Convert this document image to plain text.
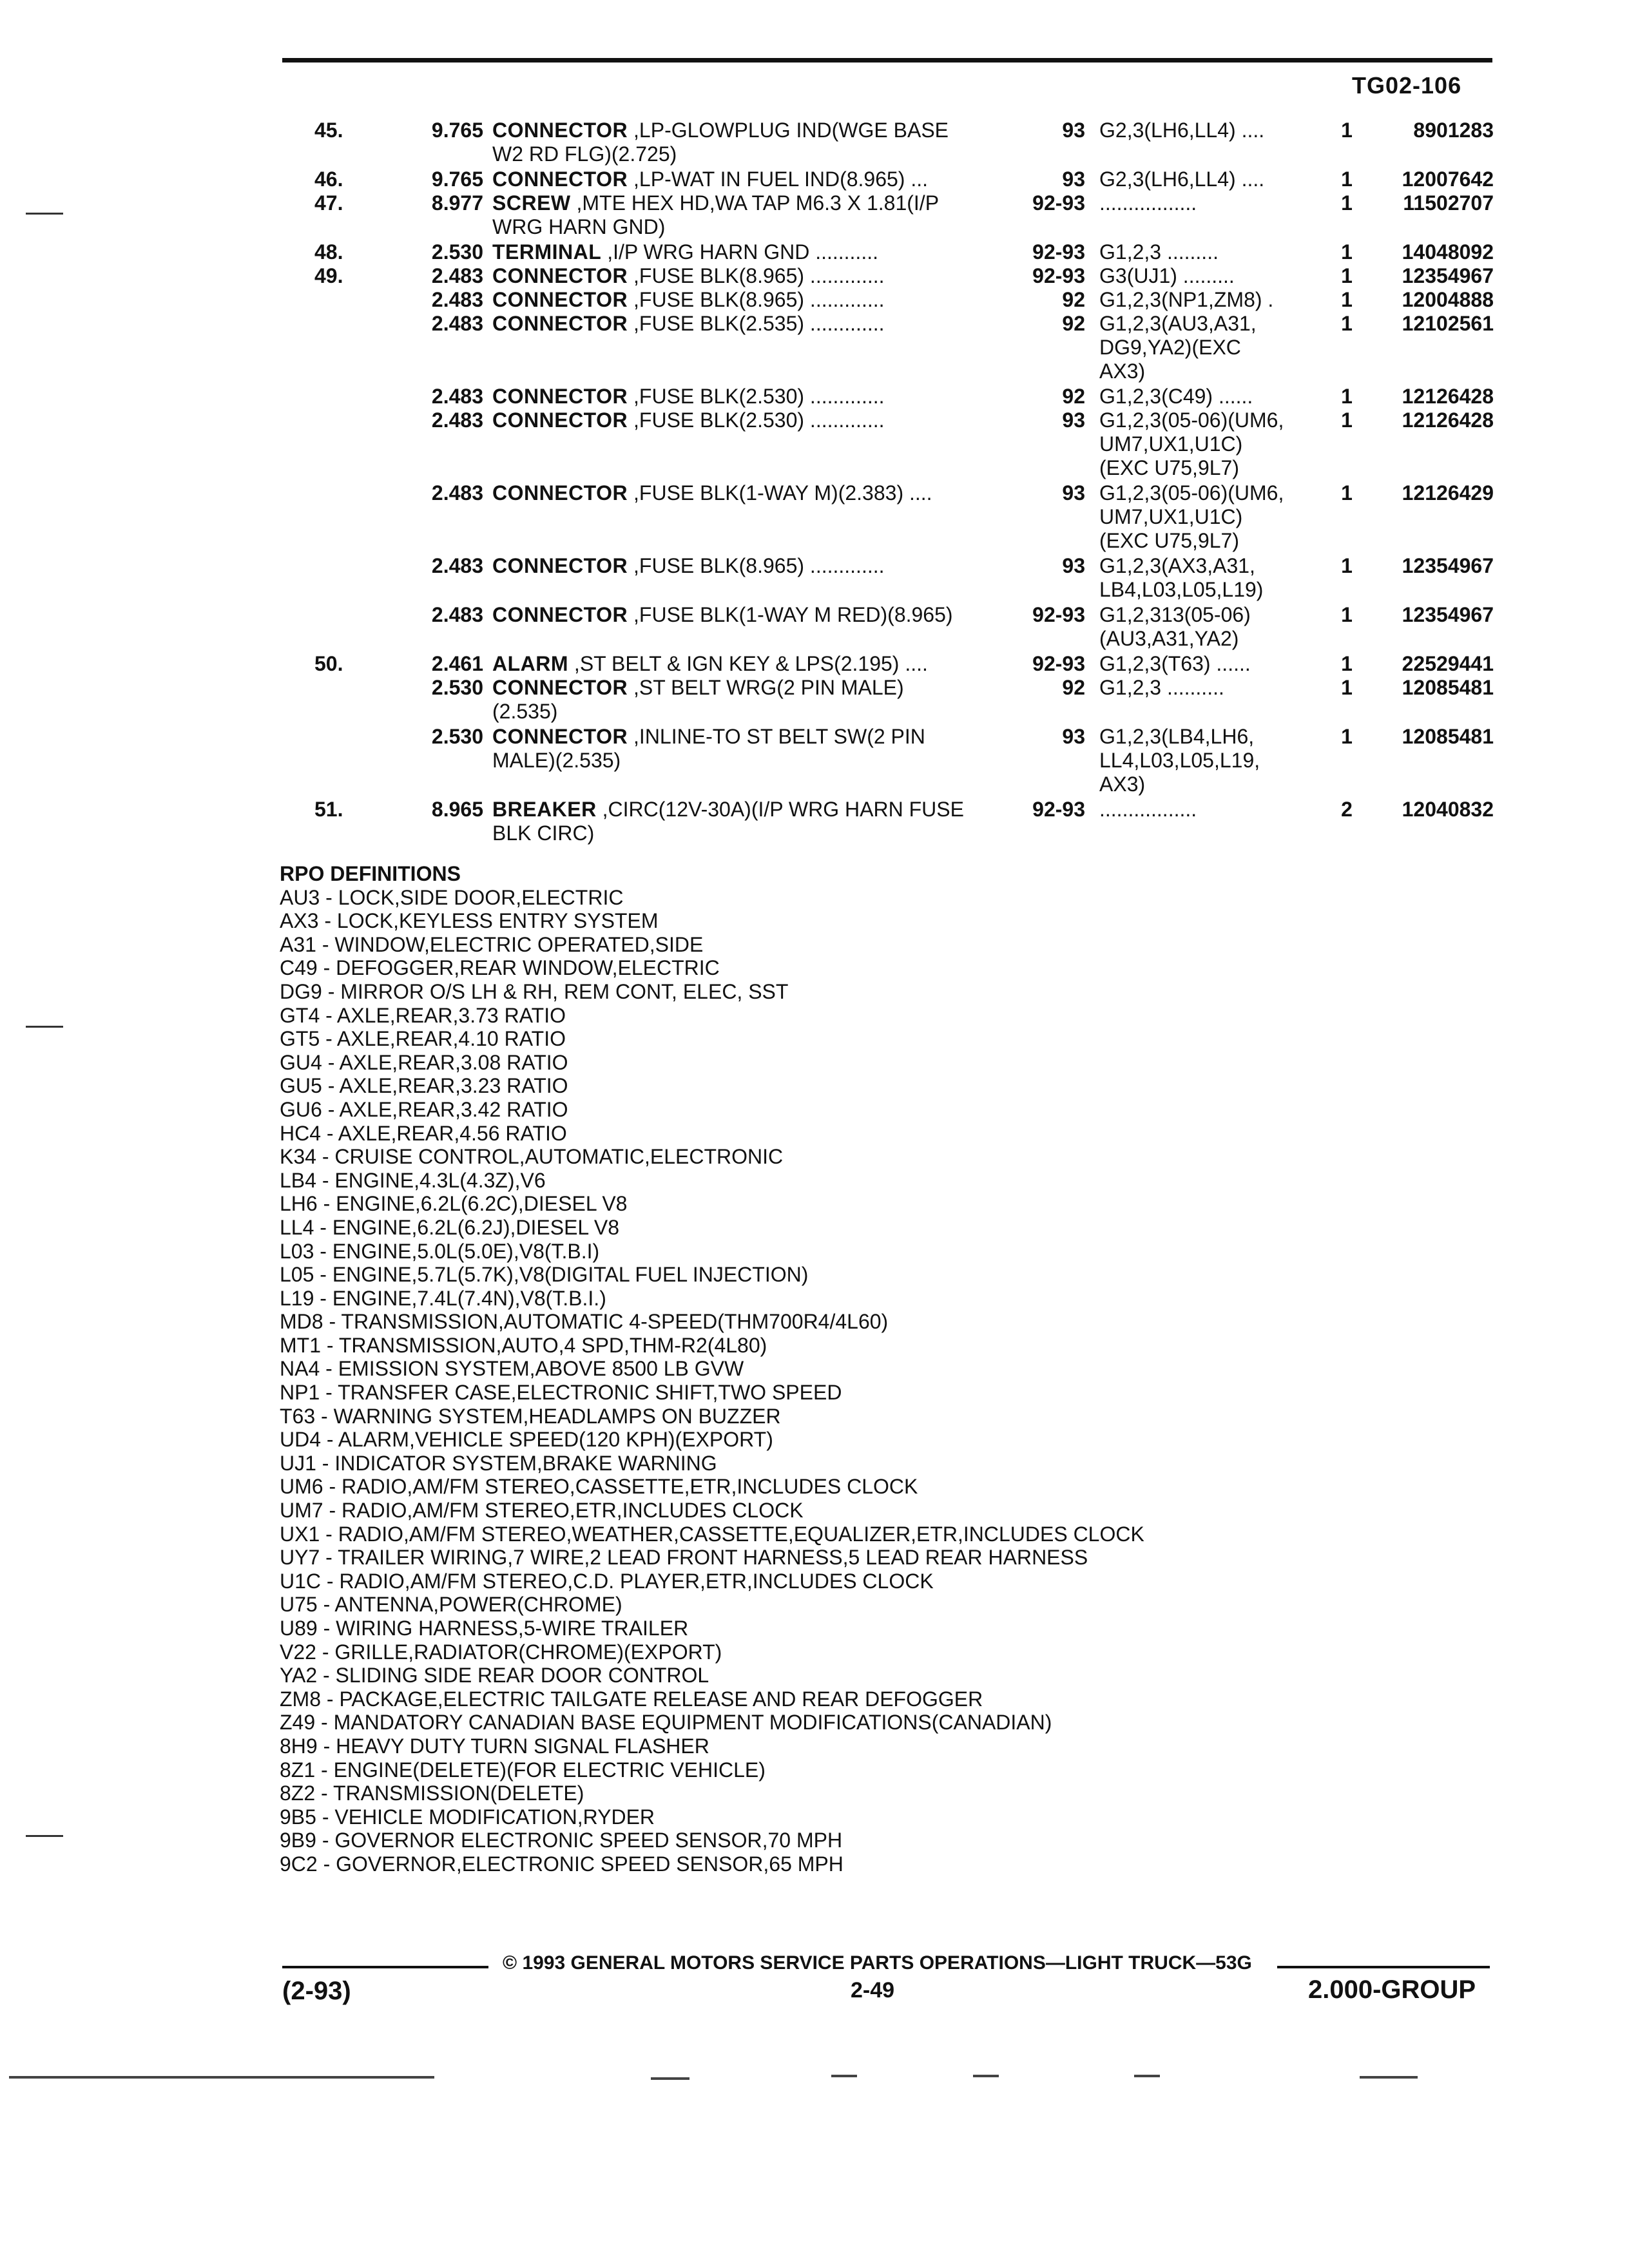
TG02-106
45.	9.765 CONNECTOR ,LP-GLOWPLUG IND(WGE BASE
W2 RD FLG)(2.725)
93 G2,3(LH6,LL4) ....	1	8901283
46.	9.765 CONNECTOR ,LP-WAT IN FUEL IND(8.965) ...	93 G2,3(LH6,LL4) ....	1	12007642
47.	8.977 SCREW ,MTE HEX HD,WA TAP M6.3 X 1.81(I/P
WRG HARN GND)
92-93 .................	1	11502707
48.	2.530 TERMINAL ,I/P WRG HARN GND ...........	92-93 G1,2,3 .........	1	14048092
49.	2.483 CONNECTOR ,FUSE BLK(8.965) .............	92-93 G3(UJ1) .........	1	12354967
2.483 CONNECTOR ,FUSE BLK(8.965) .............	92 G1,2,3(NP1,ZM8) .	1	12004888
2.483 CONNECTOR ,FUSE BLK(2.535) .............	92 G1,2,3(AU3,A31,
DG9,YA2)(EXC
AX3)
1	12102561
2.483 CONNECTOR ,FUSE BLK(2.530) .............	92 G1,2,3(C49) ......	1	12126428
2.483 CONNECTOR ,FUSE BLK(2.530) .............	93 G1,2,3(05-06)(UM6,
UM7,UX1,U1C)
(EXC U75,9L7)
1	12126428
2.483 CONNECTOR ,FUSE BLK(1-WAY M)(2.383) ....	93 G1,2,3(05-06)(UM6,
UM7,UX1,U1C)
(EXC U75,9L7)
1	12126429
2.483 CONNECTOR ,FUSE BLK(8.965) .............	93 G1,2,3(AX3,A31,
LB4,L03,L05,L19)
1	12354967
2.483 CONNECTOR ,FUSE BLK(1-WAY M RED)(8.965)	92-93 G1,2,313(05-06)
(AU3,A31,YA2)
1	12354967
50.	2.461 ALARM ,ST BELT & IGN KEY & LPS(2.195) ....	92-93 G1,2,3(T63) ......	1	22529441
2.530 CONNECTOR ,ST BELT WRG(2 PIN MALE)
(2.535)
92 G1,2,3 ..........	1	12085481
2.530 CONNECTOR ,INLINE-TO ST BELT SW(2 PIN
MALE)(2.535)
93 G1,2,3(LB4,LH6,
LL4,L03,L05,L19,
AX3)
1	12085481
51.	8.965 BREAKER ,CIRC(12V-30A)(I/P WRG HARN FUSE
BLK CIRC)
92-93 .................	2	12040832
RPO DEFINITIONS
AU3 - LOCK,SIDE DOOR,ELECTRIC
AX3 - LOCK,KEYLESS ENTRY SYSTEM
A31 - WINDOW,ELECTRIC OPERATED,SIDE
C49 - DEFOGGER,REAR WINDOW,ELECTRIC
DG9 - MIRROR O/S LH & RH, REM CONT, ELEC, SST
GT4 - AXLE,REAR,3.73 RATIO
GT5 - AXLE,REAR,4.10 RATIO
GU4 - AXLE,REAR,3.08 RATIO
GU5 - AXLE,REAR,3.23 RATIO
GU6 - AXLE,REAR,3.42 RATIO
HC4 - AXLE,REAR,4.56 RATIO
K34 - CRUISE CONTROL,AUTOMATIC,ELECTRONIC
LB4 - ENGINE,4.3L(4.3Z),V6
LH6 - ENGINE,6.2L(6.2C),DIESEL V8
LL4 - ENGINE,6.2L(6.2J),DIESEL V8
L03 - ENGINE,5.0L(5.0E),V8(T.B.I)
L05 - ENGINE,5.7L(5.7K),V8(DIGITAL FUEL INJECTION)
L19 - ENGINE,7.4L(7.4N),V8(T.B.I.)
MD8 - TRANSMISSION,AUTOMATIC 4-SPEED(THM700R4/4L60)
MT1 - TRANSMISSION,AUTO,4 SPD,THM-R2(4L80)
NA4 - EMISSION SYSTEM,ABOVE 8500 LB GVW
NP1 - TRANSFER CASE,ELECTRONIC SHIFT,TWO SPEED
T63 - WARNING SYSTEM,HEADLAMPS ON BUZZER
UD4 - ALARM,VEHICLE SPEED(120 KPH)(EXPORT)
UJ1 - INDICATOR SYSTEM,BRAKE WARNING
UM6 - RADIO,AM/FM STEREO,CASSETTE,ETR,INCLUDES CLOCK
UM7 - RADIO,AM/FM STEREO,ETR,INCLUDES CLOCK
UX1 - RADIO,AM/FM STEREO,WEATHER,CASSETTE,EQUALIZER,ETR,INCLUDES CLOCK
UY7 - TRAILER WIRING,7 WIRE,2 LEAD FRONT HARNESS,5 LEAD REAR HARNESS
U1C - RADIO,AM/FM STEREO,C.D. PLAYER,ETR,INCLUDES CLOCK
U75 - ANTENNA,POWER(CHROME)
U89 - WIRING HARNESS,5-WIRE TRAILER
V22 - GRILLE,RADIATOR(CHROME)(EXPORT)
YA2 - SLIDING SIDE REAR DOOR CONTROL
ZM8 - PACKAGE,ELECTRIC TAILGATE RELEASE AND REAR DEFOGGER
Z49 - MANDATORY CANADIAN BASE EQUIPMENT MODIFICATIONS(CANADIAN)
8H9 - HEAVY DUTY TURN SIGNAL FLASHER
8Z1 - ENGINE(DELETE)(FOR ELECTRIC VEHICLE)
8Z2 - TRANSMISSION(DELETE)
9B5 - VEHICLE MODIFICATION,RYDER
9B9 - GOVERNOR ELECTRONIC SPEED SENSOR,70 MPH
9C2 - GOVERNOR,ELECTRONIC SPEED SENSOR,65 MPH
© 1993 GENERAL MOTORS SERVICE PARTS OPERATIONS—LIGHT TRUCK—53G
(2-93)	2-49	2.000-GROUP
